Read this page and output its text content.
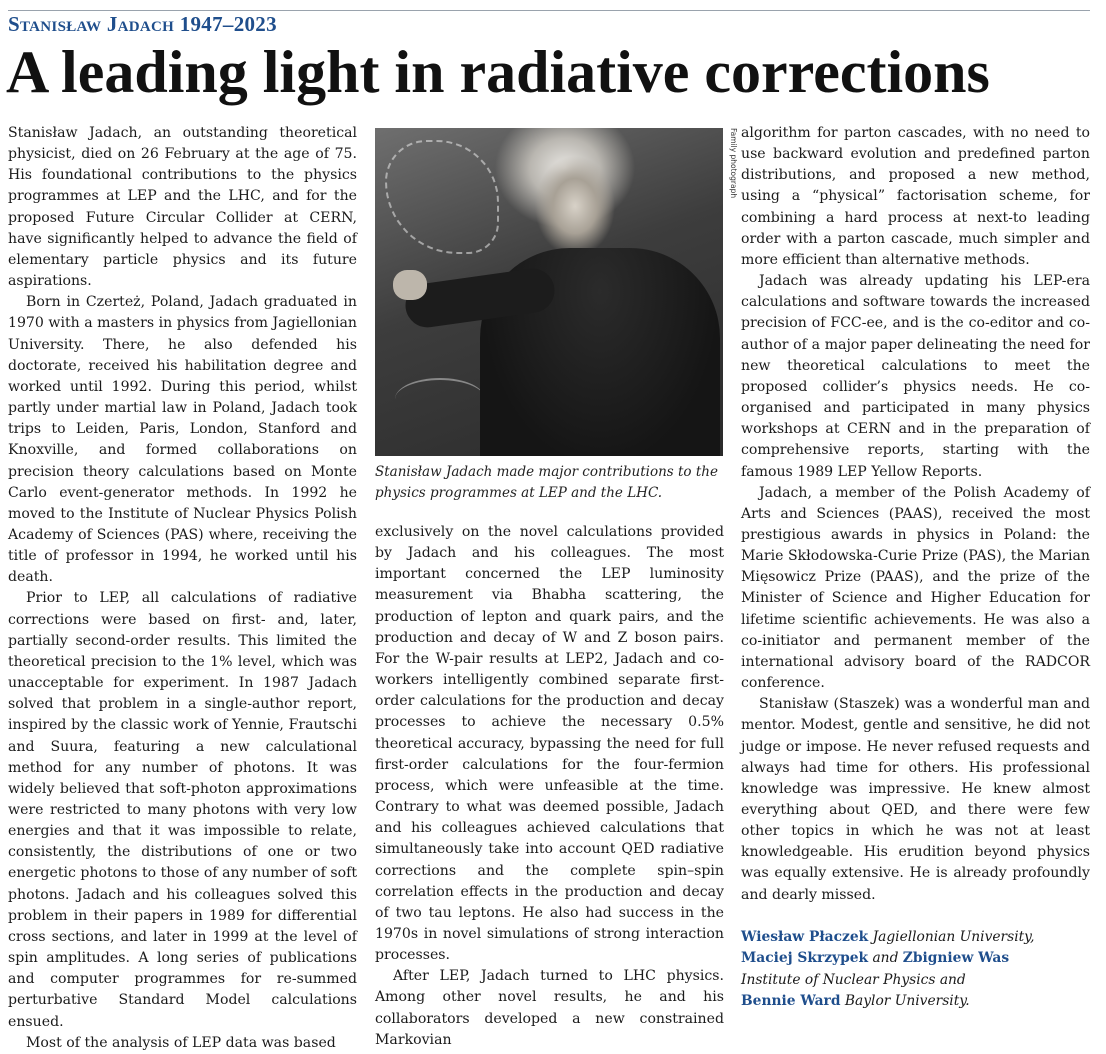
Stanisław Jadach 1947–2023
A leading light in radiative corrections

Stanisław Jadach, an outstanding theoretical physicist, died on 26 February at the age of 75. His foundational contributions to the physics programmes at LEP and the LHC, and for the proposed Future Circular Collider at CERN, have significantly helped to advance the field of elementary particle physics and its future aspirations.

Born in Czerteż, Poland, Jadach graduated in 1970 with a masters in physics from Jagiellonian University. There, he also defended his doctorate, received his habilitation degree and worked until 1992. During this period, whilst partly under martial law in Poland, Jadach took trips to Leiden, Paris, London, Stanford and Knoxville, and formed collaborations on precision theory calculations based on Monte Carlo event-generator methods. In 1992 he moved to the Institute of Nuclear Physics Polish Academy of Sciences (PAS) where, receiving the title of professor in 1994, he worked until his death.

Prior to LEP, all calculations of radiative corrections were based on first- and, later, partially second-order results. This limited the theoretical precision to the 1% level, which was unacceptable for experiment. In 1987 Jadach solved that problem in a single-author report, inspired by the classic work of Yennie, Frautschi and Suura, featuring a new calculational method for any number of photons. It was widely believed that soft-photon approximations were restricted to many photons with very low energies and that it was impossible to relate, consistently, the distributions of one or two energetic photons to those of any number of soft photons. Jadach and his colleagues solved this problem in their papers in 1989 for differential cross sections, and later in 1999 at the level of spin amplitudes. A long series of publications and computer programmes for re-summed perturbative Standard Model calculations ensued.

Most of the analysis of LEP data was based

Family photograph
Stanisław Jadach made major contributions to the physics programmes at LEP and the LHC.

exclusively on the novel calculations provided by Jadach and his colleagues. The most important concerned the LEP luminosity measurement via Bhabha scattering, the production of lepton and quark pairs, and the production and decay of W and Z boson pairs. For the W-pair results at LEP2, Jadach and co-workers intelligently combined separate first-order calculations for the production and decay processes to achieve the necessary 0.5% theoretical accuracy, bypassing the need for full first-order calculations for the four-fermion process, which were unfeasible at the time. Contrary to what was deemed possible, Jadach and his colleagues achieved calculations that simultaneously take into account QED radiative corrections and the complete spin–spin correlation effects in the production and decay of two tau leptons. He also had success in the 1970s in novel simulations of strong interaction processes.

After LEP, Jadach turned to LHC physics. Among other novel results, he and his collaborators developed a new constrained Markovian

algorithm for parton cascades, with no need to use backward evolution and predefined parton distributions, and proposed a new method, using a “physical” factorisation scheme, for combining a hard process at next-to leading order with a parton cascade, much simpler and more efficient than alternative methods.

Jadach was already updating his LEP-era calculations and software towards the increased precision of FCC-ee, and is the co-editor and co-author of a major paper delineating the need for new theoretical calculations to meet the proposed collider’s physics needs. He co-organised and participated in many physics workshops at CERN and in the preparation of comprehensive reports, starting with the famous 1989 LEP Yellow Reports.

Jadach, a member of the Polish Academy of Arts and Sciences (PAAS), received the most prestigious awards in physics in Poland: the Marie Skłodowska-Curie Prize (PAS), the Marian Mięsowicz Prize (PAAS), and the prize of the Minister of Science and Higher Education for lifetime scientific achievements. He was also a co-initiator and permanent member of the international advisory board of the RADCOR conference.

Stanisław (Staszek) was a wonderful man and mentor. Modest, gentle and sensitive, he did not judge or impose. He never refused requests and always had time for others. His professional knowledge was impressive. He knew almost everything about QED, and there were few other topics in which he was not at least knowledgeable. His erudition beyond physics was equally extensive. He is already profoundly and dearly missed.

Wiesław Płaczek Jagiellonian University,
Maciej Skrzypek and Zbigniew Was
Institute of Nuclear Physics and
Bennie Ward Baylor University.
